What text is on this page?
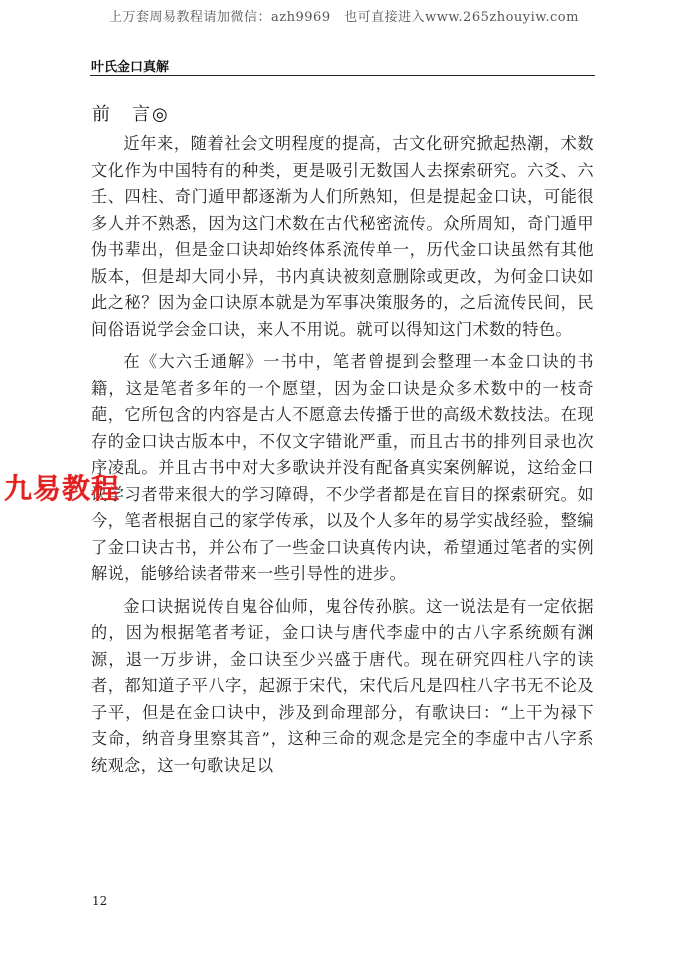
上万套周易教程请加微信：azh9969　也可直接进入www.265zhouyiw.com
叶氏金口真解
前　言◎

近年来，随着社会文明程度的提高，古文化研究掀起热潮，术数文化作为中国特有的种类，更是吸引无数国人去探索研究。六爻、六壬、四柱、奇门遁甲都逐渐为人们所熟知，但是提起金口诀，可能很多人并不熟悉，因为这门术数在古代秘密流传。众所周知，奇门遁甲伪书辈出，但是金口诀却始终体系流传单一，历代金口诀虽然有其他版本，但是却大同小异，书内真诀被刻意删除或更改，为何金口诀如此之秘？因为金口诀原本就是为军事决策服务的，之后流传民间，民间俗语说学会金口诀，来人不用说。就可以得知这门术数的特色。

在《大六壬通解》一书中，笔者曾提到会整理一本金口诀的书籍，这是笔者多年的一个愿望，因为金口诀是众多术数中的一枝奇葩，它所包含的内容是古人不愿意去传播于世的高级术数技法。在现存的金口诀古版本中，不仅文字错讹严重，而且古书的排列目录也次序凌乱。并且古书中对大多歌诀并没有配备真实案例解说，这给金口诀学习者带来很大的学习障碍，不少学者都是在盲目的探索研究。如今，笔者根据自己的家学传承，以及个人多年的易学实战经验，整编了金口诀古书，并公布了一些金口诀真传内诀，希望通过笔者的实例解说，能够给读者带来一些引导性的进步。

金口诀据说传自鬼谷仙师，鬼谷传孙膑。这一说法是有一定依据的，因为根据笔者考证，金口诀与唐代李虚中的古八字系统颇有渊源，退一万步讲，金口诀至少兴盛于唐代。现在研究四柱八字的读者，都知道子平八字，起源于宋代，宋代后凡是四柱八字书无不论及子平，但是在金口诀中，涉及到命理部分，有歌诀曰：“上干为禄下支命，纳音身里察其音”，这种三命的观念是完全的李虚中古八字系统观念，这一句歌诀足以

九易教程
12
